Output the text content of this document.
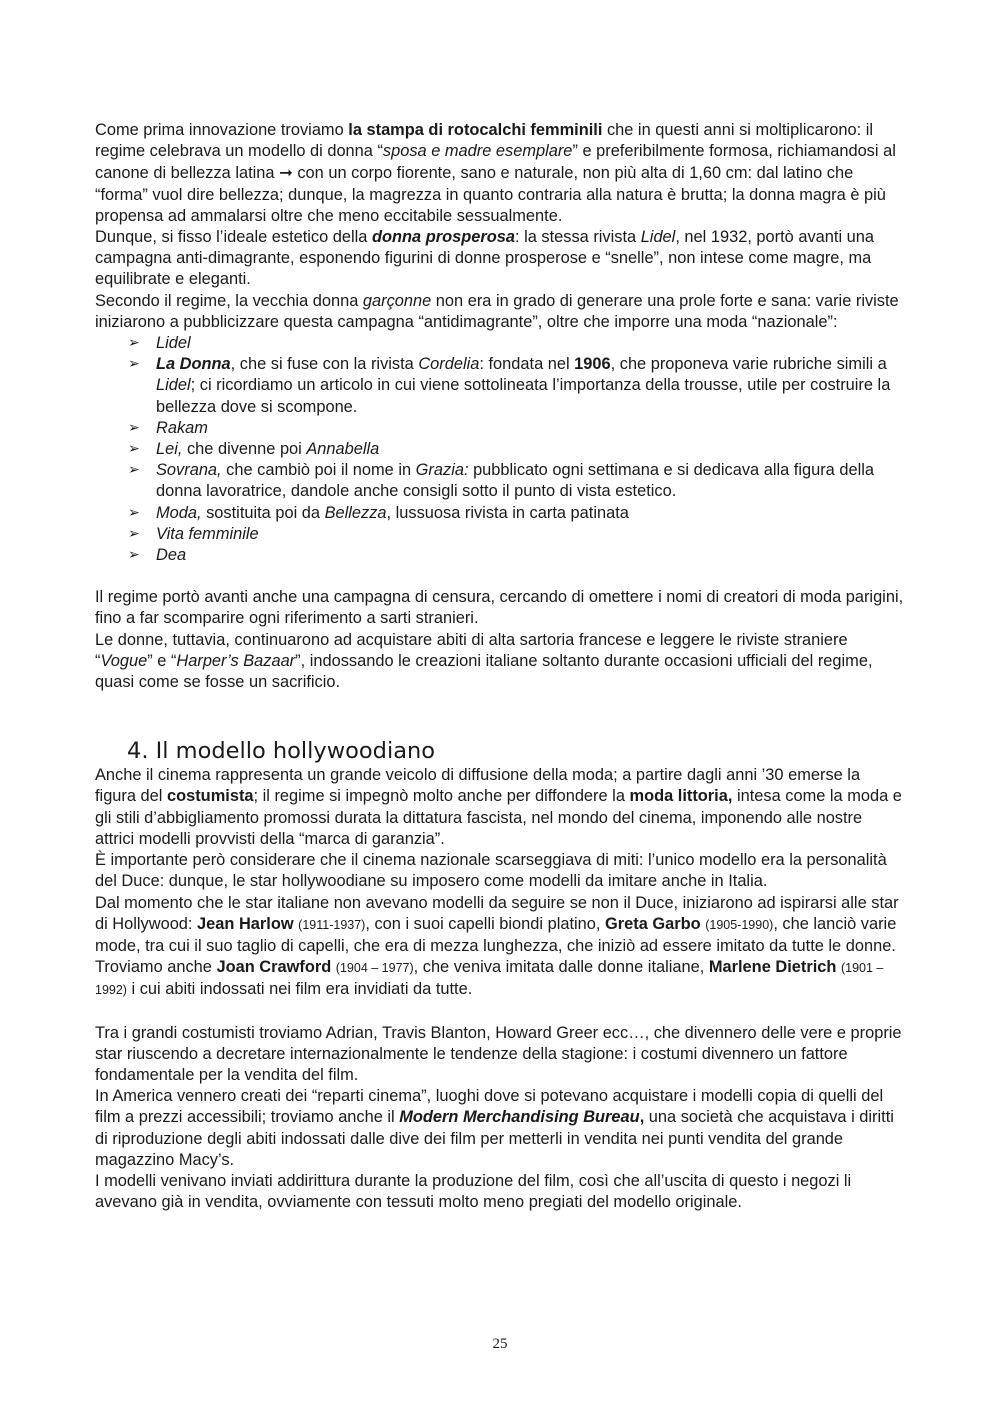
Come prima innovazione troviamo la stampa di rotocalchi femminili che in questi anni si moltiplicarono: il regime celebrava un modello di donna “sposa e madre esemplare” e preferibilmente formosa, richiamandosi al canone di bellezza latina ➞ con un corpo fiorente, sano e naturale, non più alta di 1,60 cm: dal latino che “forma” vuol dire bellezza; dunque, la magrezza in quanto contraria alla natura è brutta; la donna magra è più propensa ad ammalarsi oltre che meno eccitabile sessualmente.

Dunque, si fisso l’ideale estetico della donna prosperosa: la stessa rivista Lidel, nel 1932, portò avanti una campagna anti-dimagrante, esponendo figurini di donne prosperose e “snelle”, non intese come magre, ma equilibrate e eleganti.

Secondo il regime, la vecchia donna garçonne non era in grado di generare una prole forte e sana: varie riviste iniziarono a pubblicizzare questa campagna “antidimagrante”, oltre che imporre una moda “nazionale”:

➢ Lidel
➢ La Donna, che si fuse con la rivista Cordelia: fondata nel 1906, che proponeva varie rubriche simili a Lidel; ci ricordiamo un articolo in cui viene sottolineata l’importanza della trousse, utile per costruire la bellezza dove si scompone.
➢ Rakam
➢ Lei, che divenne poi Annabella
➢ Sovrana, che cambiò poi il nome in Grazia: pubblicato ogni settimana e si dedicava alla figura della donna lavoratrice, dandole anche consigli sotto il punto di vista estetico.
➢ Moda, sostituita poi da Bellezza, lussuosa rivista in carta patinata
➢ Vita femminile
➢ Dea

Il regime portò avanti anche una campagna di censura, cercando di omettere i nomi di creatori di moda parigini, fino a far scomparire ogni riferimento a sarti stranieri.

Le donne, tuttavia, continuarono ad acquistare abiti di alta sartoria francese e leggere le riviste straniere “Vogue” e “Harper’s Bazaar”, indossando le creazioni italiane soltanto durante occasioni ufficiali del regime, quasi come se fosse un sacrificio.

4. Il modello hollywoodiano

Anche il cinema rappresenta un grande veicolo di diffusione della moda; a partire dagli anni ’30 emerse la figura del costumista; il regime si impegnò molto anche per diffondere la moda littoria, intesa come la moda e gli stili d’abbigliamento promossi durata la dittatura fascista, nel mondo del cinema, imponendo alle nostre attrici modelli provvisti della “marca di garanzia”.

È importante però considerare che il cinema nazionale scarseggiava di miti: l’unico modello era la personalità del Duce: dunque, le star hollywoodiane su imposero come modelli da imitare anche in Italia.

Dal momento che le star italiane non avevano modelli da seguire se non il Duce, iniziarono ad ispirarsi alle star di Hollywood: Jean Harlow (1911-1937), con i suoi capelli biondi platino, Greta Garbo (1905-1990), che lanciò varie mode, tra cui il suo taglio di capelli, che era di mezza lunghezza, che iniziò ad essere imitato da tutte le donne.

Troviamo anche Joan Crawford (1904 – 1977), che veniva imitata dalle donne italiane, Marlene Dietrich (1901 – 1992) i cui abiti indossati nei film era invidiati da tutte.

Tra i grandi costumisti troviamo Adrian, Travis Blanton, Howard Greer ecc…, che divennero delle vere e proprie star riuscendo a decretare internazionalmente le tendenze della stagione: i costumi divennero un fattore fondamentale per la vendita del film.

In America vennero creati dei “reparti cinema”, luoghi dove si potevano acquistare i modelli copia di quelli del film a prezzi accessibili; troviamo anche il Modern Merchandising Bureau, una società che acquistava i diritti di riproduzione degli abiti indossati dalle dive dei film per metterli in vendita nei punti vendita del grande magazzino Macy’s.

I modelli venivano inviati addirittura durante la produzione del film, così che all’uscita di questo i negozi li avevano già in vendita, ovviamente con tessuti molto meno pregiati del modello originale.

25
